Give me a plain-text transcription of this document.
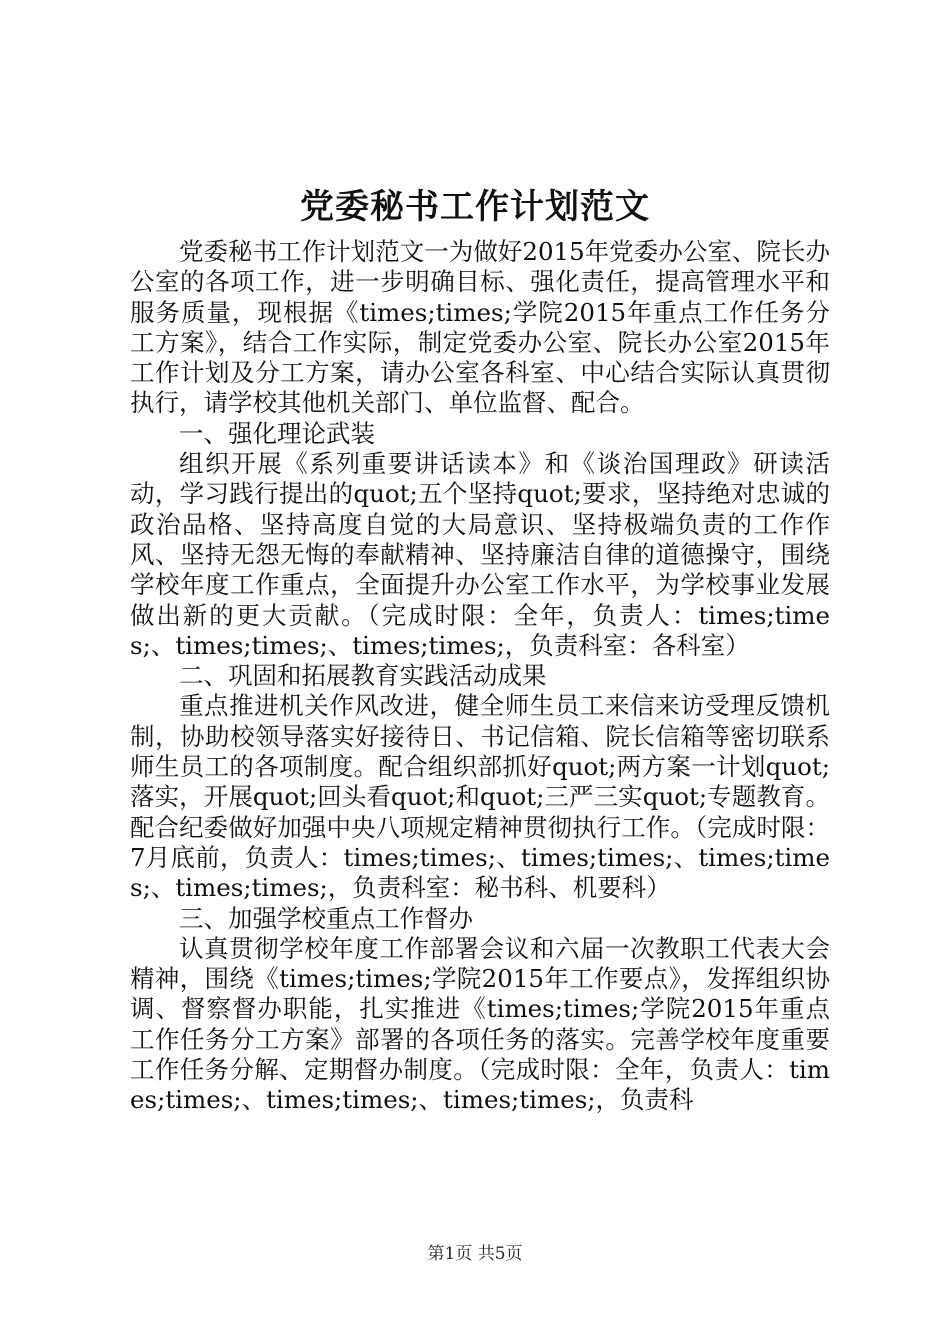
党委秘书工作计划范文

党委秘书工作计划范文一为做好2015年党委办公室、院长办公室的各项工作，进一步明确目标、强化责任，提高管理水平和服务质量，现根据《times;times;学院2015年重点工作任务分工方案》，结合工作实际，制定党委办公室、院长办公室2015年工作计划及分工方案，请办公室各科室、中心结合实际认真贯彻执行，请学校其他机关部门、单位监督、配合。

一、强化理论武装

组织开展《系列重要讲话读本》和《谈治国理政》研读活动，学习践行提出的quot;五个坚持quot;要求，坚持绝对忠诚的政治品格、坚持高度自觉的大局意识、坚持极端负责的工作作风、坚持无怨无悔的奉献精神、坚持廉洁自律的道德操守，围绕学校年度工作重点，全面提升办公室工作水平，为学校事业发展做出新的更大贡献。（完成时限：全年，负责人：times;times;、times;times;、times;times;，负责科室：各科室）

二、巩固和拓展教育实践活动成果

重点推进机关作风改进，健全师生员工来信来访受理反馈机制，协助校领导落实好接待日、书记信箱、院长信箱等密切联系师生员工的各项制度。配合组织部抓好quot;两方案一计划quot;落实，开展quot;回头看quot;和quot;三严三实quot;专题教育。配合纪委做好加强中央八项规定精神贯彻执行工作。（完成时限：7月底前，负责人：times;times;、times;times;、times;times;、times;times;，负责科室：秘书科、机要科）

三、加强学校重点工作督办

认真贯彻学校年度工作部署会议和六届一次教职工代表大会精神，围绕《times;times;学院2015年工作要点》，发挥组织协调、督察督办职能，扎实推进《times;times;学院2015年重点工作任务分工方案》部署的各项任务的落实。完善学校年度重要工作任务分解、定期督办制度。（完成时限：全年，负责人：times;times;、times;times;、times;times;，负责科

第1页 共5页
